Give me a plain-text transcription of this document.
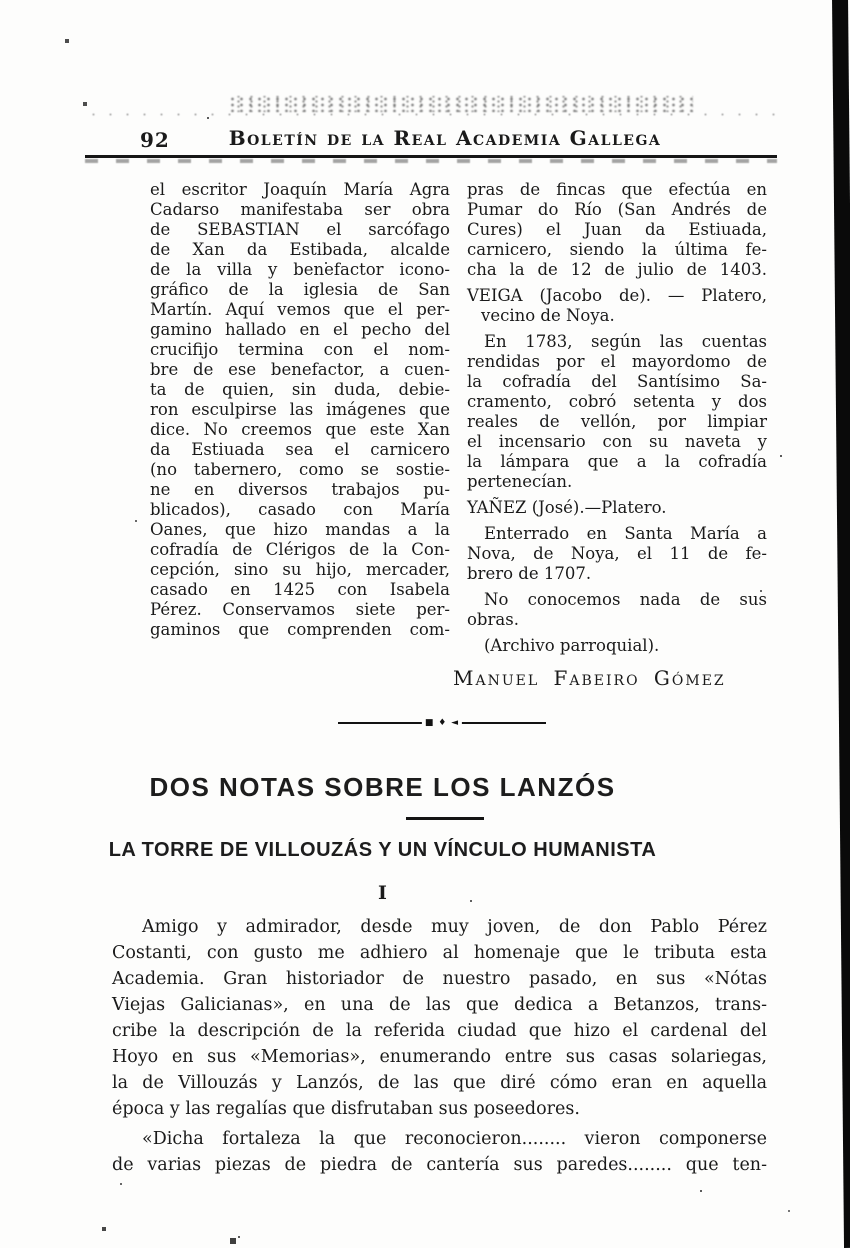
92	Boletín de la Real Academia Gallega
el escritor Joaquín María Agra
Cadarso manifestaba ser obra
de SEBASTIAN el sarcófago
de Xan da Estibada, alcalde
de la villa y benefactor icono-
gráfico de la iglesia de San
Martín. Aquí vemos que el per-
gamino hallado en el pecho del
crucifijo termina con el nom-
bre de ese benefactor, a cuen-
ta de quien, sin duda, debie-
ron esculpirse las imágenes que
dice. No creemos que este Xan
da Estiuada sea el carnicero
(no tabernero, como se sostie-
ne en diversos trabajos pu-
blicados), casado con María
Oanes, que hizo mandas a la
cofradía de Clérigos de la Con-
cepción, sino su hijo, mercader,
casado en 1425 con Isabela
Pérez. Conservamos siete per-
gaminos que comprenden com-
pras de fincas que efectúa en
Pumar do Río (San Andrés de
Cures) el Juan da Estiuada,
carnicero, siendo la última fe-
cha la de 12 de julio de 1403.
VEIGA (Jacobo de). — Platero,
vecino de Noya.
En 1783, según las cuentas
rendidas por el mayordomo de
la cofradía del Santísimo Sa-
cramento, cobró setenta y dos
reales de vellón, por limpiar
el incensario con su naveta y
la lámpara que a la cofradía
pertenecían.
YAÑEZ (José).—Platero.
Enterrado en Santa María a
Nova, de Noya, el 11 de fe-
brero de 1707.
No conocemos nada de sus
obras.
(Archivo parroquial).
Manuel Fabeiro Gómez
■ ♦ ◄
DOS NOTAS SOBRE LOS LANZÓS
LA TORRE DE VILLOUZÁS Y UN VÍNCULO HUMANISTA
I
Amigo y admirador, desde muy joven, de don Pablo Pérez
Costanti, con gusto me adhiero al homenaje que le tributa esta
Academia. Gran historiador de nuestro pasado, en sus «Nótas
Viejas Galicianas», en una de las que dedica a Betanzos, trans-
cribe la descripción de la referida ciudad que hizo el cardenal del
Hoyo en sus «Memorias», enumerando entre sus casas solariegas,
la de Villouzás y Lanzós, de las que diré cómo eran en aquella
época y las regalías que disfrutaban sus poseedores.
«Dicha fortaleza la que reconocieron........ vieron componerse
de varias piezas de piedra de cantería sus paredes........ que ten-
